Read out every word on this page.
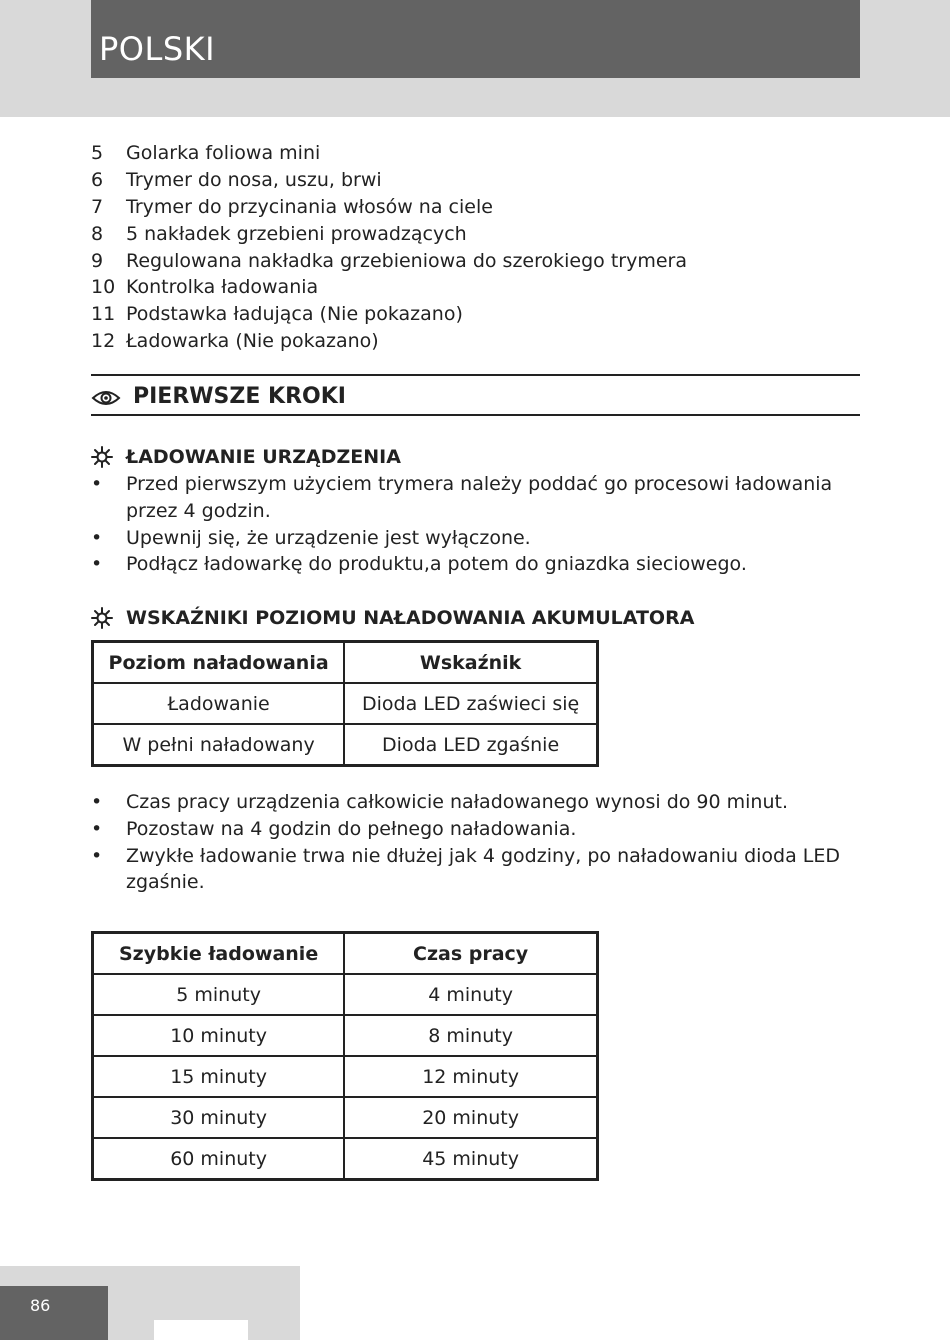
POLSKI
5	Golarka foliowa mini
6	Trymer do nosa, uszu, brwi
7	Trymer do przycinania włosów na ciele
8	5 nakładek grzebieni prowadzących
9	Regulowana nakładka grzebieniowa do szerokiego trymera
10 Kontrolka ładowania
11 Podstawka ładująca (Nie pokazano)
12 Ładowarka (Nie pokazano)
PIERWSZE KROKI
ŁADOWANIE URZĄDZENIA
• Przed pierwszym użyciem trymera należy poddać go procesowi ładowania przez 4 godzin.
• Upewnij się, że urządzenie jest wyłączone.
• Podłącz ładowarkę do produktu,a potem do gniazdka sieciowego.
WSKAŹNIKI POZIOMU NAŁADOWANIA AKUMULATORA
Poziom naładowania	Wskaźnik
Ładowanie	Dioda LED zaświeci się
W pełni naładowany	Dioda LED zgaśnie
• Czas pracy urządzenia całkowicie naładowanego wynosi do 90 minut.
• Pozostaw na 4 godzin do pełnego naładowania.
• Zwykłe ładowanie trwa nie dłużej jak 4 godziny, po naładowaniu dioda LED zgaśnie.
Szybkie ładowanie	Czas pracy
5 minuty	4 minuty
10 minuty	8 minuty
15 minuty	12 minuty
30 minuty	20 minuty
60 minuty	45 minuty
86
